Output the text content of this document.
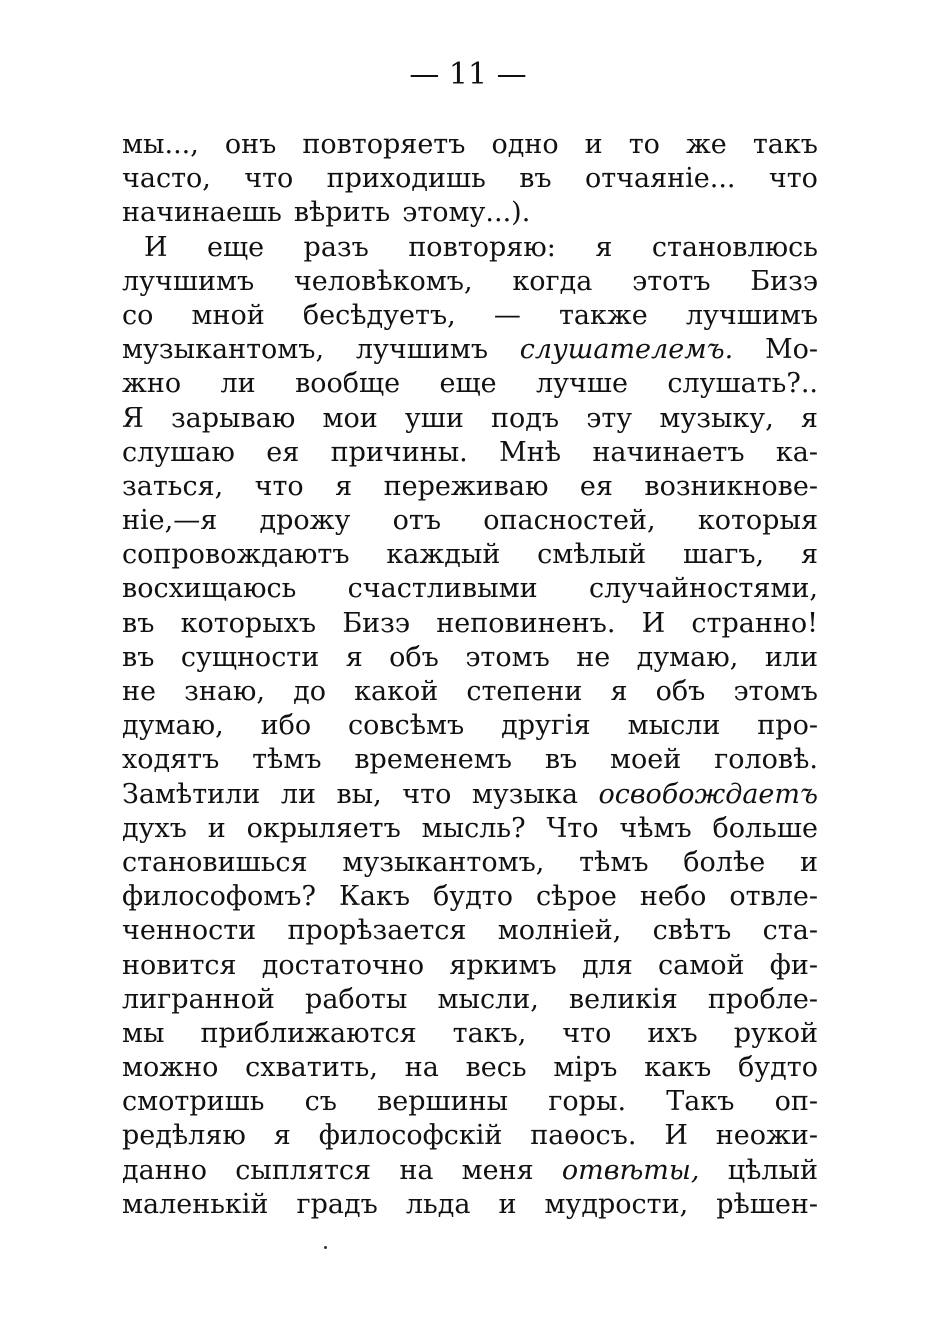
— 11 —
мы..., онъ повторяетъ одно и то же такъ
часто, что приходишь въ отчаяніе... что
начинаешь вѣрить этому...).
И еще разъ повторяю: я становлюсь
лучшимъ человѣкомъ, когда этотъ Бизэ
со мной бесѣдуетъ, — также лучшимъ
музыкантомъ, лучшимъ слушателемъ. Мо-
жно ли вообще еще лучше слушать?..
Я зарываю мои уши подъ эту музыку, я
слушаю ея причины. Мнѣ начинаетъ ка-
заться, что я переживаю ея возникнове-
ніе,—я дрожу отъ опасностей, которыя
сопровождаютъ каждый смѣлый шагъ, я
восхищаюсь счастливыми случайностями,
въ которыхъ Бизэ неповиненъ. И странно!
въ сущности я объ этомъ не думаю, или
не знаю, до какой степени я объ этомъ
думаю, ибо совсѣмъ другія мысли про-
ходятъ тѣмъ временемъ въ моей головѣ.
Замѣтили ли вы, что музыка освобождаетъ
духъ и окрыляетъ мысль? Что чѣмъ больше
становишься музыкантомъ, тѣмъ болѣе и
философомъ? Какъ будто сѣрое небо отвле-
ченности прорѣзается молніей, свѣтъ ста-
новится достаточно яркимъ для самой фи-
лигранной работы мысли, великія пробле-
мы приближаются такъ, что ихъ рукой
можно схватить, на весь міръ какъ будто
смотришь съ вершины горы. Такъ оп-
редѣляю я философскій паѳосъ. И неожи-
данно сыплятся на меня отвѣты, цѣлый
маленькій градъ льда и мудрости, рѣшен-
